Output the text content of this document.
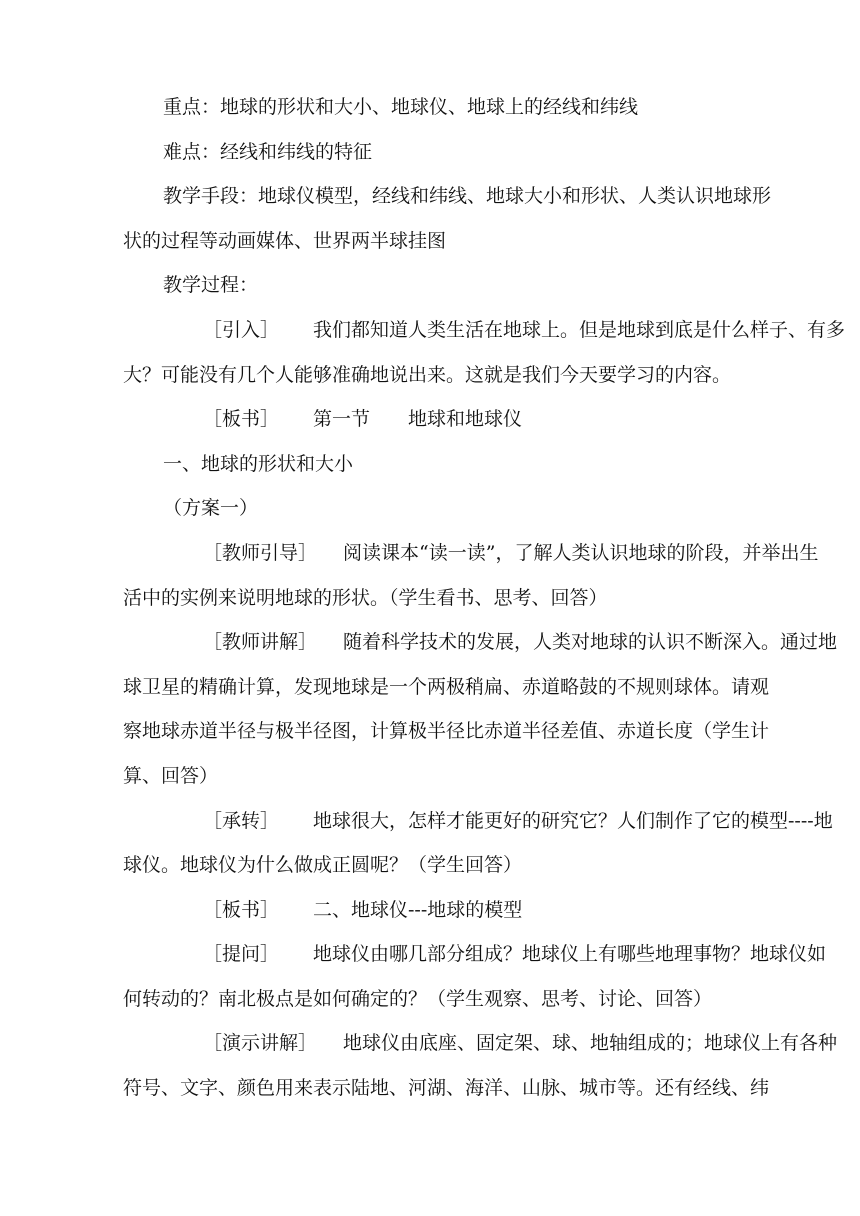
重点：地球的形状和大小、地球仪、地球上的经线和纬线
难点：经线和纬线的特征
教学手段：地球仪模型，经线和纬线、地球大小和形状、人类认识地球形
状的过程等动画媒体、世界两半球挂图
教学过程：
［引入］ 我们都知道人类生活在地球上。但是地球到底是什么样子、有多
大？可能没有几个人能够准确地说出来。这就是我们今天要学习的内容。
［板书］ 第一节　　地球和地球仪
一、地球的形状和大小
（方案一）
［教师引导］ 阅读课本“读一读”，了解人类认识地球的阶段，并举出生
活中的实例来说明地球的形状。（学生看书、思考、回答）
［教师讲解］ 随着科学技术的发展，人类对地球的认识不断深入。通过地
球卫星的精确计算，发现地球是一个两极稍扁、赤道略鼓的不规则球体。请观
察地球赤道半径与极半径图，计算极半径比赤道半径差值、赤道长度（学生计
算、回答）
［承转］ 地球很大，怎样才能更好的研究它？人们制作了它的模型----地
球仪。地球仪为什么做成正圆呢？（学生回答）
［板书］ 二、地球仪---地球的模型
［提问］ 地球仪由哪几部分组成？地球仪上有哪些地理事物？地球仪如
何转动的？南北极点是如何确定的？（学生观察、思考、讨论、回答）
［演示讲解］ 地球仪由底座、固定架、球、地轴组成的；地球仪上有各种
符号、文字、颜色用来表示陆地、河湖、海洋、山脉、城市等。还有经线、纬
